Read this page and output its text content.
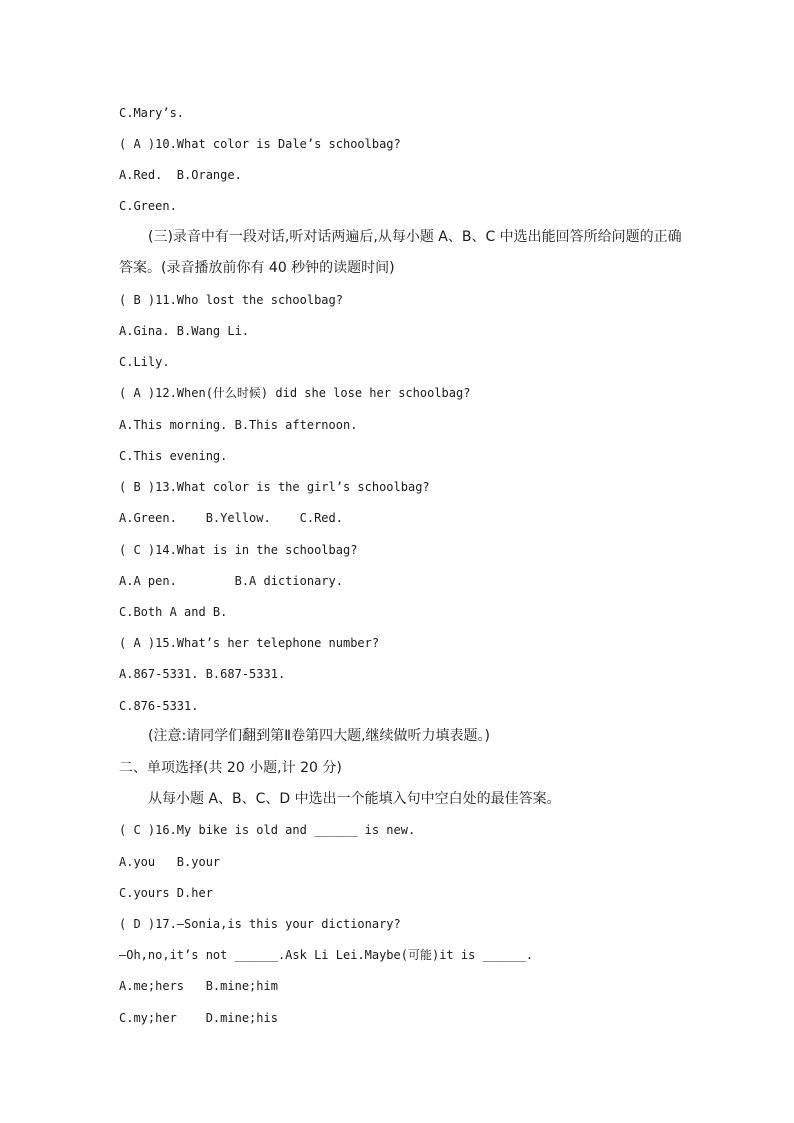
C.Mary’s.
( A )10.What color is Dale’s schoolbag?
A.Red.  B.Orange.
C.Green.
(三)录音中有一段对话,听对话两遍后,从每小题 A、B、C 中选出能回答所给问题的正确
答案。(录音播放前你有 40 秒钟的读题时间)
( B )11.Who lost the schoolbag?
A.Gina. B.Wang Li.
C.Lily.
( A )12.When(什么时候) did she lose her schoolbag?
A.This morning. B.This afternoon.
C.This evening.
( B )13.What color is the girl’s schoolbag?
A.Green.    B.Yellow.    C.Red.
( C )14.What is in the schoolbag?
A.A pen.        B.A dictionary.
C.Both A and B.
( A )15.What’s her telephone number?
A.867-5331. B.687-5331.
C.876-5331.
(注意:请同学们翻到第Ⅱ卷第四大题,继续做听力填表题。)
二、单项选择(共 20 小题,计 20 分)
从每小题 A、B、C、D 中选出一个能填入句中空白处的最佳答案。
( C )16.My bike is old and ______ is new.
A.you   B.your
C.yours D.her
( D )17.—Sonia,is this your dictionary?
—Oh,no,it’s not ______.Ask Li Lei.Maybe(可能)it is ______.
A.me;hers   B.mine;him
C.my;her    D.mine;his
